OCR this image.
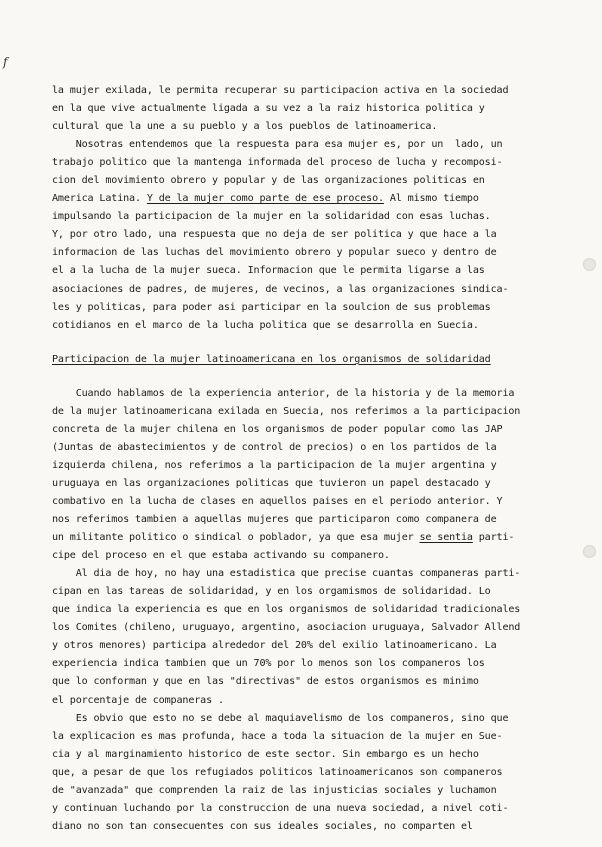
f
la mujer exilada, le permita recuperar su participacion activa en la sociedad
en la que vive actualmente ligada a su vez a la raiz historica politica y
cultural que la une a su pueblo y a los pueblos de latinoamerica.
Nosotras entendemos que la respuesta para esa mujer es, por un  lado, un
trabajo politico que la mantenga informada del proceso de lucha y recomposi-
cion del movimiento obrero y popular y de las organizaciones politicas en
America Latina. Y de la mujer como parte de ese proceso. Al mismo tiempo
impulsando la participacion de la mujer en la solidaridad con esas luchas.
Y, por otro lado, una respuesta que no deja de ser politica y que hace a la
informacion de las luchas del movimiento obrero y popular sueco y dentro de
el a la lucha de la mujer sueca. Informacion que le permita ligarse a las
asociaciones de padres, de mujeres, de vecinos, a las organizaciones sindica-
les y politicas, para poder asi participar en la soulcion de sus problemas
cotidianos en el marco de la lucha politica que se desarrolla en Suecia.
Participacion de la mujer latinoamericana en los organismos de solidaridad
Cuando hablamos de la experiencia anterior, de la historia y de la memoria
de la mujer latinoamericana exilada en Suecia, nos referimos a la participacion
concreta de la mujer chilena en los organismos de poder popular como las JAP
(Juntas de abastecimientos y de control de precios) o en los partidos de la
izquierda chilena, nos referimos a la participacion de la mujer argentina y
uruguaya en las organizaciones politicas que tuvieron un papel destacado y
combativo en la lucha de clases en aquellos paises en el periodo anterior. Y
nos referimos tambien a aquellas mujeres que participaron como companera de
un militante politico o sindical o poblador, ya que esa mujer se sentia parti-
cipe del proceso en el que estaba activando su companero.
Al dia de hoy, no hay una estadistica que precise cuantas companeras parti-
cipan en las tareas de solidaridad, y en los orgamismos de solidaridad. Lo
que indica la experiencia es que en los organismos de solidaridad tradicionales
los Comites (chileno, uruguayo, argentino, asociacion uruguaya, Salvador Allend
y otros menores) participa alrededor del 20% del exilio latinoamericano. La
experiencia indica tambien que un 70% por lo menos son los companeros los
que lo conforman y que en las "directivas" de estos organismos es minimo
el porcentaje de companeras .
Es obvio que esto no se debe al maquiavelismo de los companeros, sino que
la explicacion es mas profunda, hace a toda la situacion de la mujer en Sue-
cia y al marginamiento historico de este sector. Sin embargo es un hecho
que, a pesar de que los refugiados politicos latinoamericanos son companeros
de "avanzada" que comprenden la raiz de las injusticias sociales y luchamon
y continuan luchando por la construccion de una nueva sociedad, a nivel coti-
diano no son tan consecuentes con sus ideales sociales, no comparten el
